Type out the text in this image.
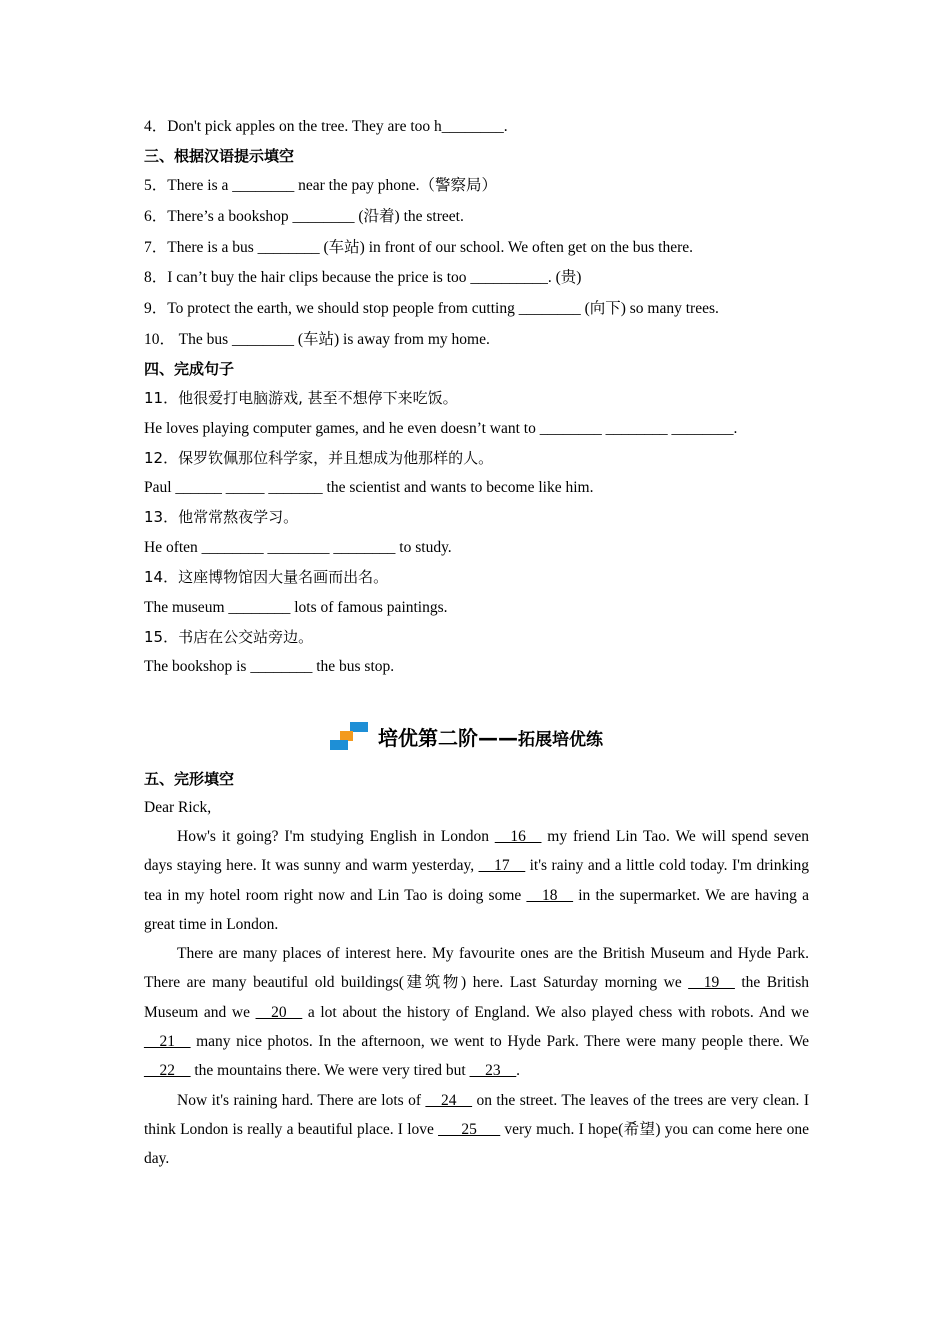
4．Don't pick apples on the tree. They are too h________.
三、根据汉语提示填空
5．There is a ________ near the pay phone.（警察局）
6．There’s a bookshop ________ (沿着) the street.
7．There is a bus ________ (车站) in front of our school. We often get on the bus there.
8．I can’t buy the hair clips because the price is too __________. (贵)
9．To protect the earth, we should stop people from cutting ________ (向下) so many trees.
10． The bus ________ (车站) is away from my home.
四、完成句子
11．他很爱打电脑游戏, 甚至不想停下来吃饭。
He loves playing computer games, and he even doesn’t want to ________ ________ ________.
12．保罗钦佩那位科学家，并且想成为他那样的人。
Paul ______ _____ _______ the scientist and wants to become like him.
13．他常常熬夜学习。
He often ________ ________ ________ to study.
14．这座博物馆因大量名画而出名。
The museum ________ lots of famous paintings.
15．书店在公交站旁边。
The bookshop is ________ the bus stop.
五、完形填空
Dear Rick,

How's it going? I'm studying English in London __16__ my friend Lin Tao. We will spend seven days staying here. It was sunny and warm yesterday, __17__ it's rainy and a little cold today. I'm drinking tea in my hotel room right now and Lin Tao is doing some __18__ in the supermarket. We are having a great time in London.

There are many places of interest here. My favourite ones are the British Museum and Hyde Park. There are many beautiful old buildings(建筑物) here. Last Saturday morning we __19__ the British Museum and we __20__ a lot about the history of England. We also played chess with robots. And we __21__ many nice photos. In the afternoon, we went to Hyde Park. There were many people there. We __22__ the mountains there. We were very tired but __23__.

Now it's raining hard. There are lots of __24__ on the street. The leaves of the trees are very clean. I think London is really a beautiful place. I love ___25___ very much. I hope(希望) you can come here one day.

培优第二阶——拓展培优练
